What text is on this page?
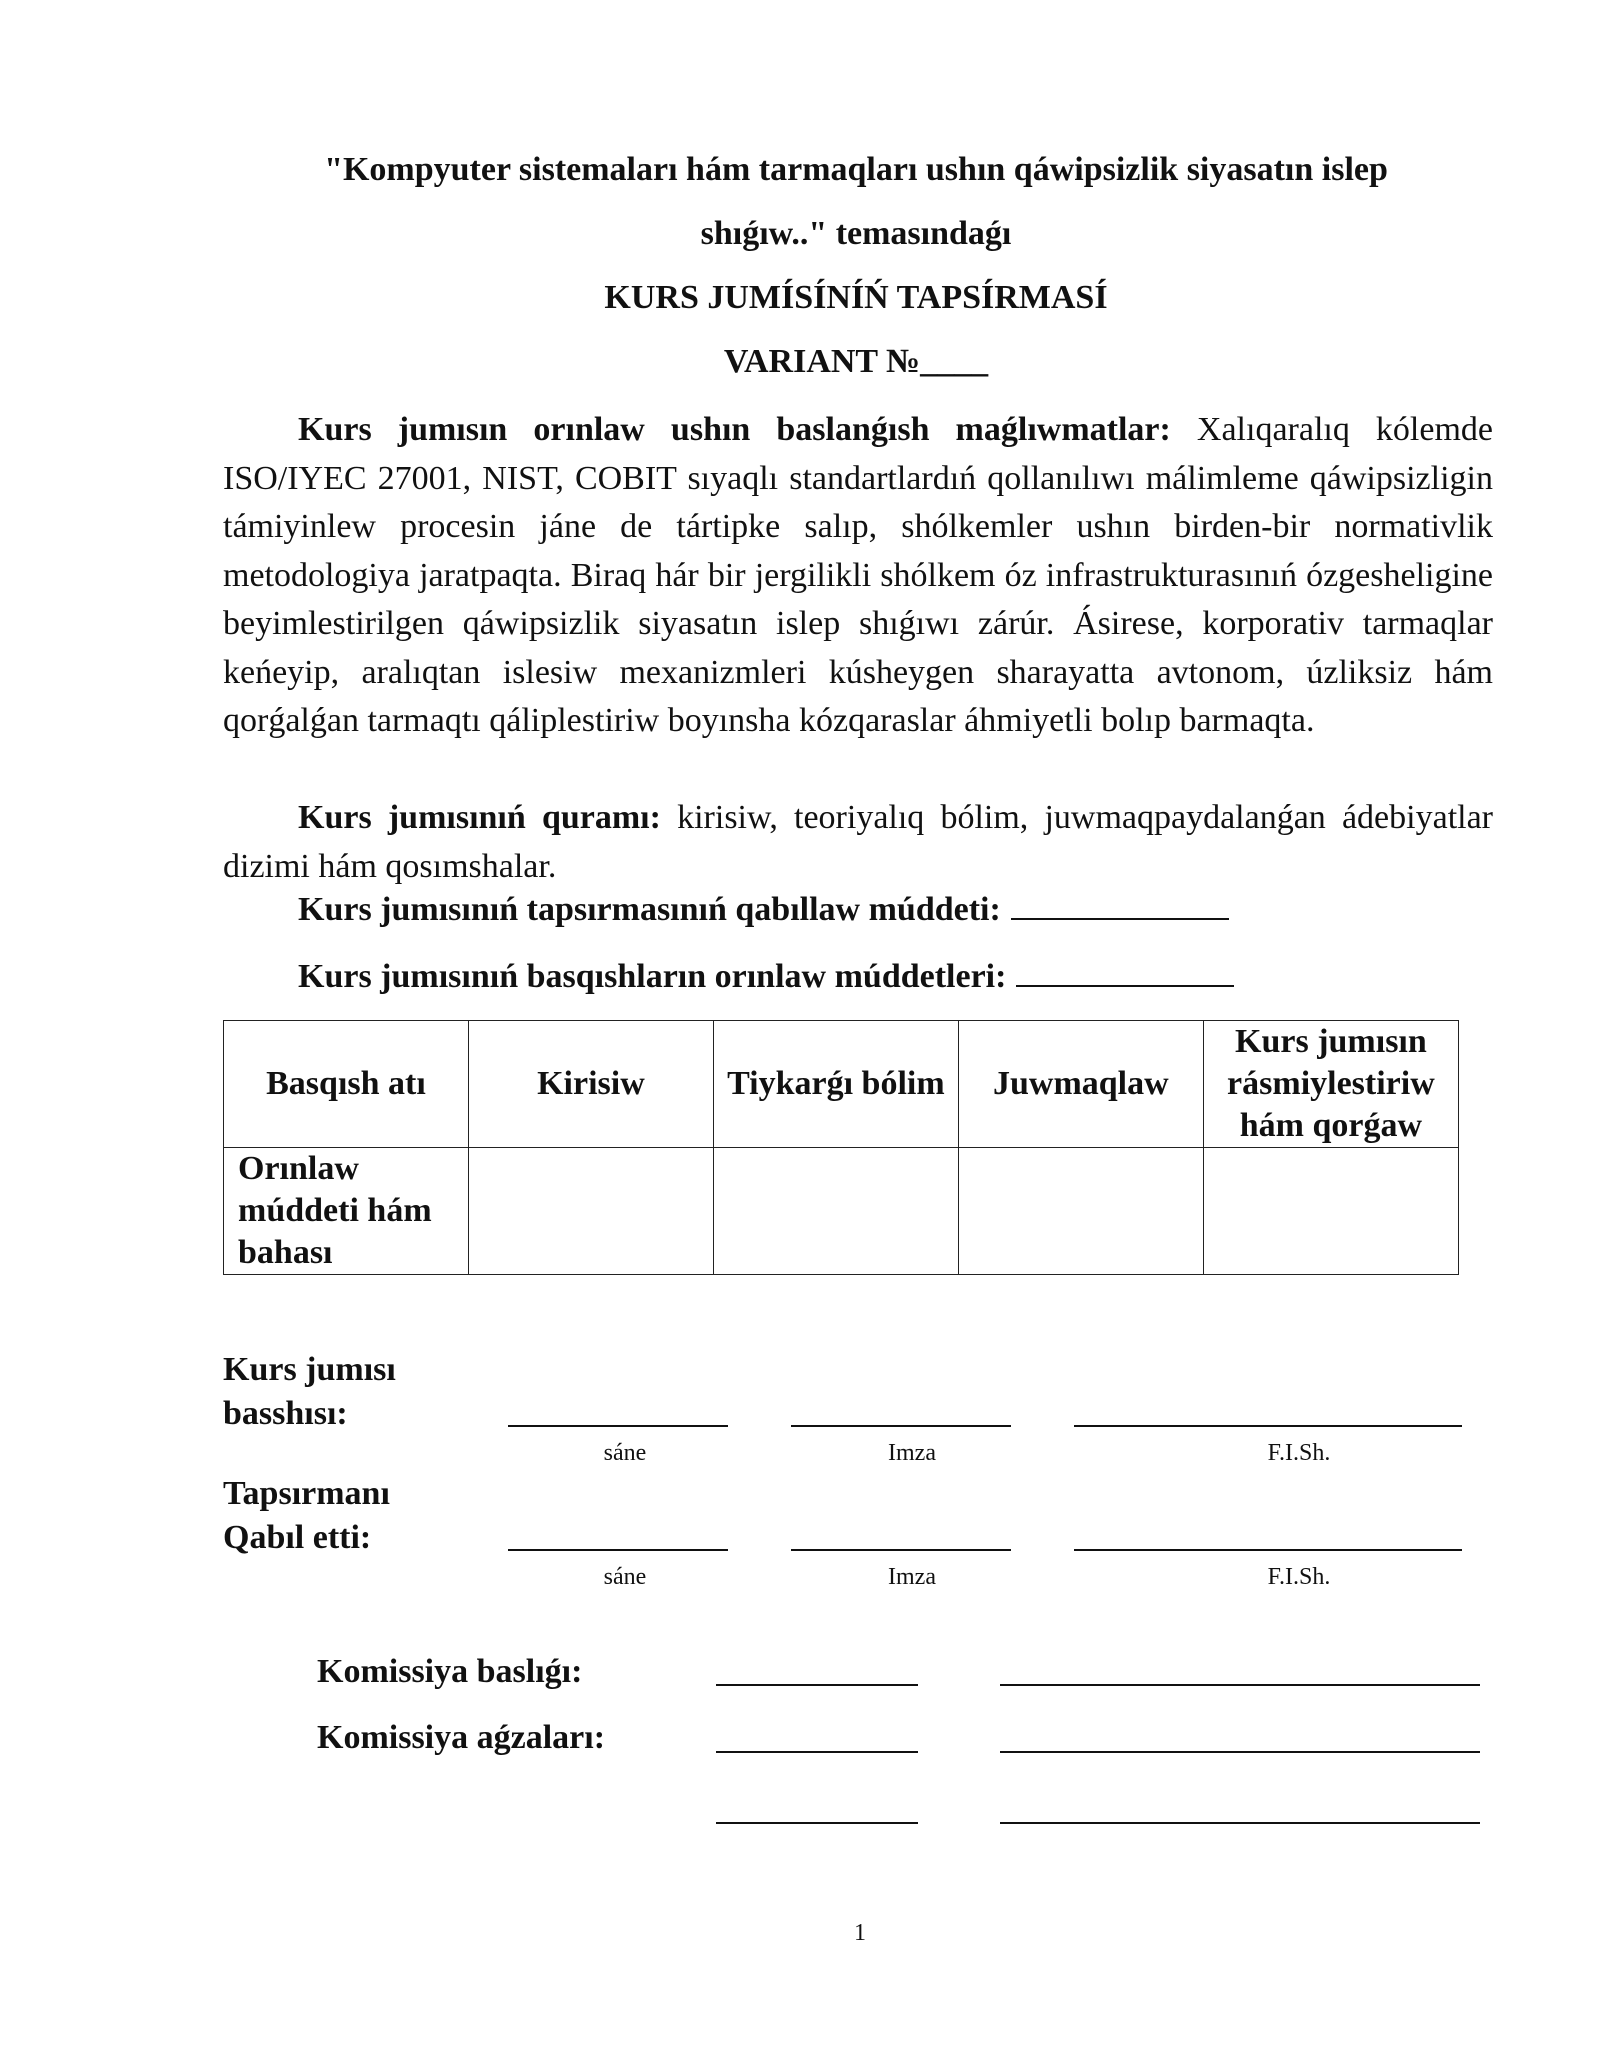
"Kompyuter sistemaları hám tarmaqları ushın qáwipsizlik siyasatın islep
shıǵıw.." temasındaǵı
KURS JUMÍSÍNÍŃ TAPSÍRMASÍ
VARIANT №____
Kurs jumısın orınlaw ushın baslanǵısh maǵlıwmatlar: Xalıqaralıq kólemde ISO/IYEC 27001, NIST, COBIT sıyaqlı standartlardıń qollanılıwı málimleme qáwipsizligin támiyinlew procesin jáne de tártipke salıp, shólkemler ushın birden-bir normativlik metodologiya jaratpaqta. Biraq hár bir jergilikli shólkem óz infrastrukturasınıń ózgesheligine beyimlestirilgen qáwipsizlik siyasatın islep shıǵıwı zárúr. Ásirese, korporativ tarmaqlar keńeyip, aralıqtan islesiw mexanizmleri kúsheygen sharayatta avtonom, úzliksiz hám qorǵalǵan tarmaqtı qáliplestiriw boyınsha kózqaraslar áhmiyetli bolıp barmaqta.
Kurs jumısınıń quramı: kirisiw, teoriyalıq bólim, juwmaqpaydalanǵan ádebiyatlar dizimi hám qosımshalar.
Kurs jumısınıń tapsırmasınıń qabıllaw múddeti:
Kurs jumısınıń basqıshların orınlaw múddetleri:
Basqısh atı	Kirisiw	Tiykarǵı bólim	Juwmaqlaw	Kurs jumısın rásmiylestiriw hám qorǵaw
Orınlaw múddeti hám bahası				
Kurs jumısı
basshısı:
sáne	Imza	F.I.Sh.
Tapsırmanı
Qabıl etti:
sáne	Imza	F.I.Sh.
Komissiya baslıǵı:
Komissiya aǵzaları:
1
